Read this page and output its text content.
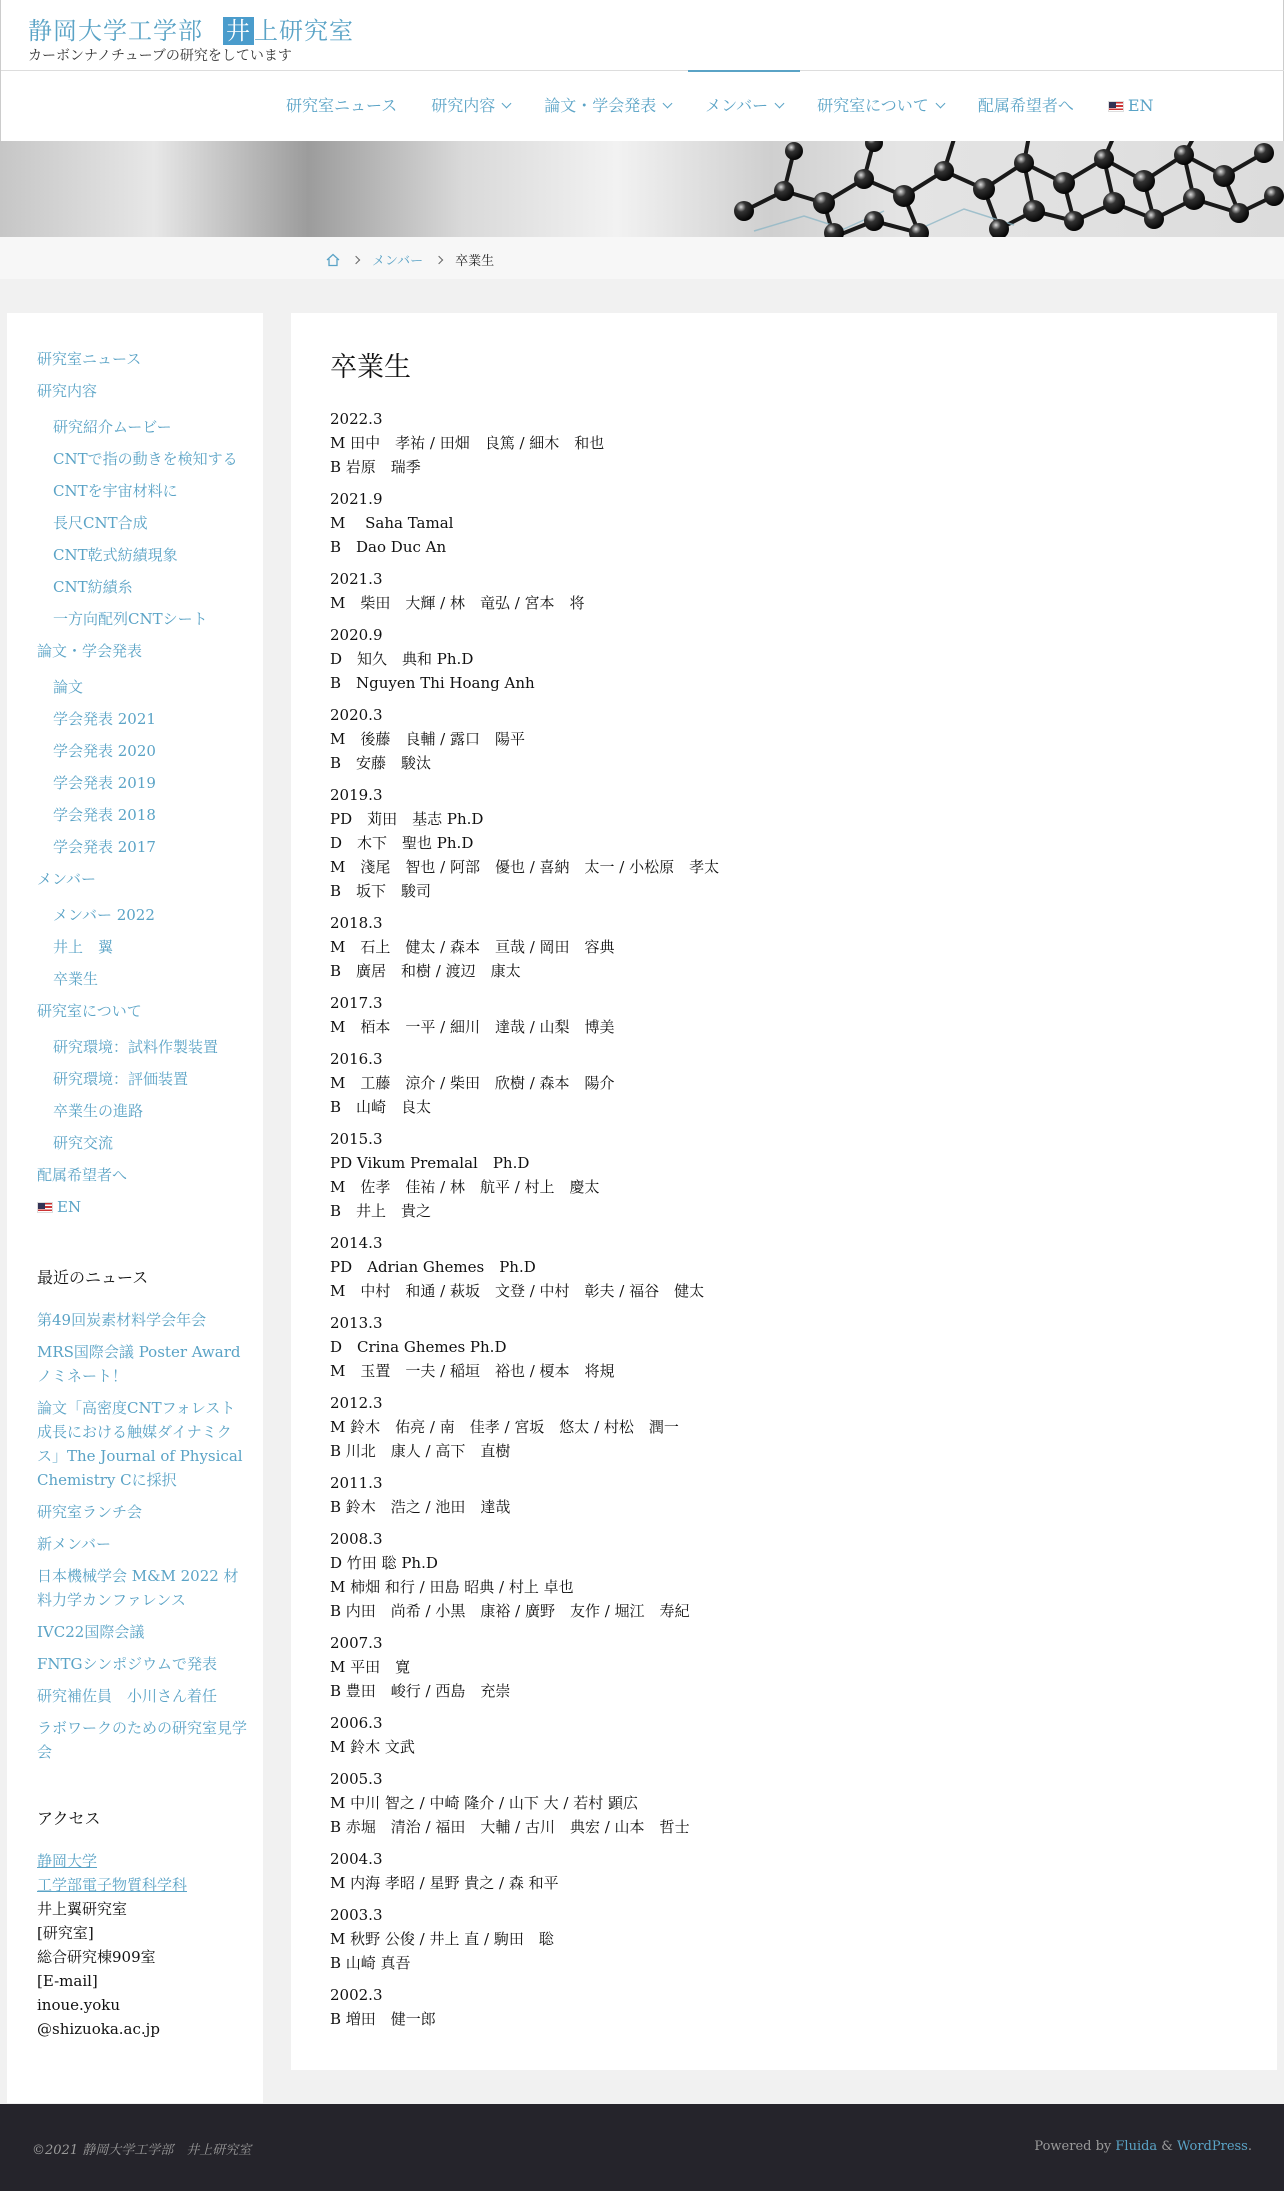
静岡大学工学部 井 上研究室
カーボンナノチューブの研究をしています
研究室ニュース	研究内容	論文・学会発表	メンバー	研究室について	配属希望者へ	EN
メンバー 卒業生
研究室ニュース
研究内容
研究紹介ムービー
CNTで指の動きを検知する
CNTを宇宙材料に
長尺CNT合成
CNT乾式紡績現象
CNT紡績糸
一方向配列CNTシート
論文・学会発表
論文
学会発表 2021
学会発表 2020
学会発表 2019
学会発表 2018
学会発表 2017
メンバー
メンバー 2022
井上　翼
卒業生
研究室について
研究環境：試料作製装置
研究環境：評価装置
卒業生の進路
研究交流
配属希望者へ
EN
最近のニュース
第49回炭素材料学会年会
MRS国際会議 Poster Awardノミネート！
論文「高密度CNTフォレスト成長における触媒ダイナミクス」The Journal of Physical Chemistry Cに採択
研究室ランチ会
新メンバー
日本機械学会 M&M 2022 材料力学カンファレンス
IVC22国際会議
FNTGシンポジウムで発表
研究補佐員　小川さん着任
ラボワークのための研究室見学会
アクセス
静岡大学
工学部電子物質科学科
井上翼研究室
[研究室]
総合研究棟909室
[E-mail]
inoue.yoku @shizuoka.ac.jp
卒業生
2022.3
M 田中　孝祐 / 田畑　良篤 / 細木　和也
B 岩原　瑞季
2021.9
M　 Saha Tamal
B　Dao Duc An
2021.3
M　柴田　大輝 / 林　竜弘 / 宮本　将
2020.9
D　知久　典和 Ph.D
B　Nguyen Thi Hoang Anh
2020.3
M　後藤　良輔 / 露口　陽平
B　安藤　駿汰
2019.3
PD　苅田　基志 Ph.D
D　木下　聖也 Ph.D
M　淺尾　智也 / 阿部　優也 / 喜納　太一 / 小松原　孝太
B　坂下　駿司
2018.3
M　石上　健太 / 森本　亘哉 / 岡田　容典
B　廣居　和樹 / 渡辺　康太
2017.3
M　栢本　一平 / 細川　達哉 / 山梨　博美
2016.3
M　工藤　涼介 / 柴田　欣樹 / 森本　陽介
B　山崎　良太
2015.3
PD Vikum Premalal　Ph.D
M　佐孝　佳祐 / 林　航平 / 村上　慶太
B　井上　貴之
2014.3
PD　Adrian Ghemes　Ph.D
M　中村　和通 / 萩坂　文登 / 中村　彰夫 / 福谷　健太
2013.3
D　Crina Ghemes Ph.D
M　玉置　一夫 / 稲垣　裕也 / 榎本　将規
2012.3
M 鈴木　佑亮 / 南　佳孝 / 宮坂　悠太 / 村松　潤一
B 川北　康人 / 高下　直樹
2011.3
B 鈴木　浩之 / 池田　達哉
2008.3
D 竹田 聡 Ph.D
M 柿畑 和行 / 田島 昭典 / 村上 卓也
B 内田　尚希 / 小黒　康裕 / 廣野　友作 / 堀江　寿紀
2007.3
M 平田　寛
B 豊田　峻行 / 西島　充崇
2006.3
M 鈴木 文武
2005.3
M 中川 智之 / 中崎 隆介 / 山下 大 / 若村 顕広
B 赤堀　清治 / 福田　大輔 / 古川　典宏 / 山本　哲士
2004.3
M 内海 孝昭 / 星野 貴之 / 森 和平
2003.3
M 秋野 公俊 / 井上 直 / 駒田　聡
B 山崎 真吾
2002.3
B 増田　健一郎
©2021 静岡大学工学部　井上研究室	Powered by Fluida & WordPress.
